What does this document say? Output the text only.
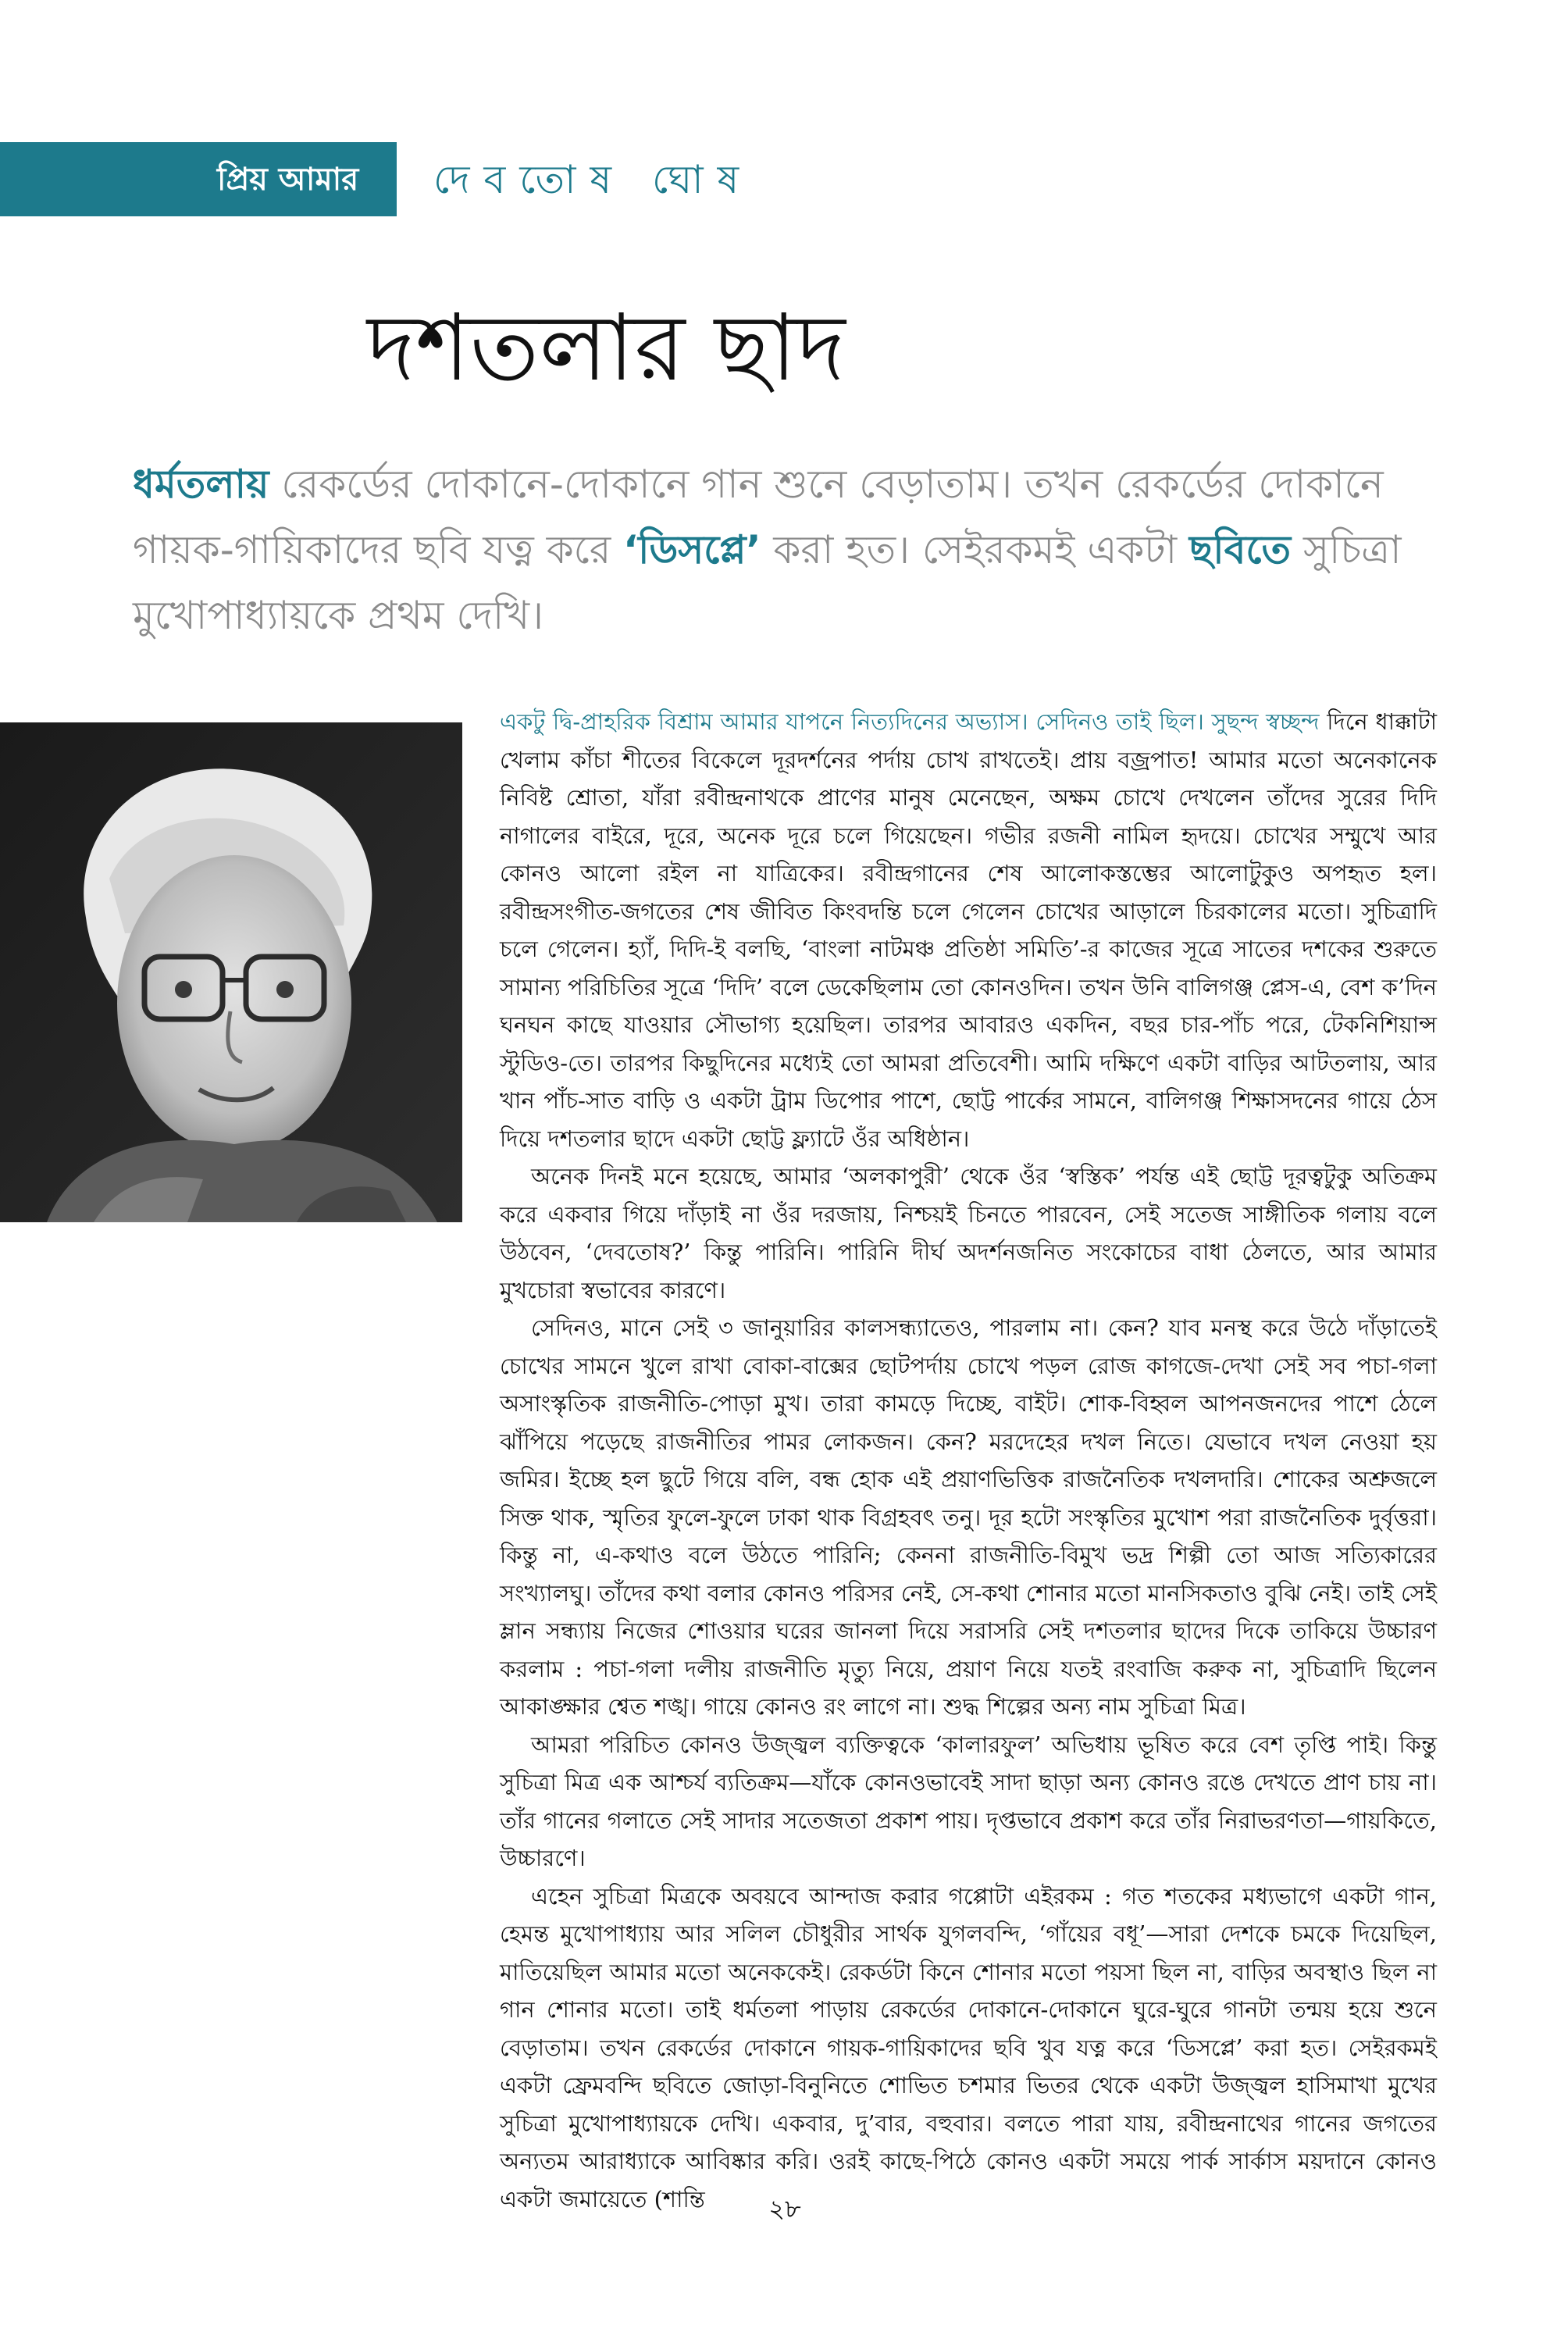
প্রিয় আমার	দেবতোষ ঘোষ
দশতলার ছাদ
ধর্মতলায় রেকর্ডের দোকানে-দোকানে গান শুনে বেড়াতাম। তখন রেকর্ডের দোকানে গায়ক-গায়িকাদের ছবি যত্ন করে ‘ডিসপ্লে’ করা হত। সেইরকমই একটা ছবিতে সুচিত্রা মুখোপাধ্যায়কে প্রথম দেখি।

একটু দ্বি-প্রাহরিক বিশ্রাম আমার যাপনে নিত্যদিনের অভ্যাস। সেদিনও তাই ছিল। সুছন্দ স্বচ্ছন্দ দিনে ধাক্কাটা খেলাম কাঁচা শীতের বিকেলে দূরদর্শনের পর্দায় চোখ রাখতেই। প্রায় বজ্রপাত! আমার মতো অনেকানেক নিবিষ্ট শ্রোতা, যাঁরা রবীন্দ্রনাথকে প্রাণের মানুষ মেনেছেন, অক্ষম চোখে দেখলেন তাঁদের সুরের দিদি নাগালের বাইরে, দূরে, অনেক দূরে চলে গিয়েছেন। গভীর রজনী নামিল হৃদয়ে। চোখের সম্মুখে আর কোনও আলো রইল না যাত্রিকের। রবীন্দ্রগানের শেষ আলোকস্তম্ভের আলোটুকুও অপহৃত হল। রবীন্দ্রসংগীত-জগতের শেষ জীবিত কিংবদন্তি চলে গেলেন চোখের আড়ালে চিরকালের মতো। সুচিত্রাদি চলে গেলেন। হ্যাঁ, দিদি-ই বলছি, ‘বাংলা নাটমঞ্চ প্রতিষ্ঠা সমিতি’-র কাজের সূত্রে সাতের দশকের শুরুতে সামান্য পরিচিতির সূত্রে ‘দিদি’ বলে ডেকেছিলাম তো কোনওদিন। তখন উনি বালিগঞ্জ প্লেস-এ, বেশ ক’দিন ঘনঘন কাছে যাওয়ার সৌভাগ্য হয়েছিল। তারপর আবারও একদিন, বছর চার-পাঁচ পরে, টেকনিশিয়ান্স স্টুডিও-তে। তারপর কিছুদিনের মধ্যেই তো আমরা প্রতিবেশী। আমি দক্ষিণে একটা বাড়ির আটতলায়, আর খান পাঁচ-সাত বাড়ি ও একটা ট্রাম ডিপোর পাশে, ছোট্ট পার্কের সামনে, বালিগঞ্জ শিক্ষাসদনের গায়ে ঠেস দিয়ে দশতলার ছাদে একটা ছোট্ট ফ্ল্যাটে ওঁর অধিষ্ঠান।

অনেক দিনই মনে হয়েছে, আমার ‘অলকাপুরী’ থেকে ওঁর ‘স্বস্তিক’ পর্যন্ত এই ছোট্ট দূরত্বটুকু অতিক্রম করে একবার গিয়ে দাঁড়াই না ওঁর দরজায়, নিশ্চয়ই চিনতে পারবেন, সেই সতেজ সাঙ্গীতিক গলায় বলে উঠবেন, ‘দেবতোষ?’ কিন্তু পারিনি। পারিনি দীর্ঘ অদর্শনজনিত সংকোচের বাধা ঠেলতে, আর আমার মুখচোরা স্বভাবের কারণে।

সেদিনও, মানে সেই ৩ জানুয়ারির কালসন্ধ্যাতেও, পারলাম না। কেন? যাব মনস্থ করে উঠে দাঁড়াতেই চোখের সামনে খুলে রাখা বোকা-বাক্সের ছোটপর্দায় চোখে পড়ল রোজ কাগজে-দেখা সেই সব পচা-গলা অসাংস্কৃতিক রাজনীতি-পোড়া মুখ। তারা কামড়ে দিচ্ছে, বাইট। শোক-বিহ্বল আপনজনদের পাশে ঠেলে ঝাঁপিয়ে পড়েছে রাজনীতির পামর লোকজন। কেন? মরদেহের দখল নিতে। যেভাবে দখল নেওয়া হয় জমির। ইচ্ছে হল ছুটে গিয়ে বলি, বন্ধ হোক এই প্রয়াণভিত্তিক রাজনৈতিক দখলদারি। শোকের অশ্রুজলে সিক্ত থাক, স্মৃতির ফুলে-ফুলে ঢাকা থাক বিগ্রহবৎ তনু। দূর হটো সংস্কৃতির মুখোশ পরা রাজনৈতিক দুর্বৃত্তরা। কিন্তু না, এ-কথাও বলে উঠতে পারিনি; কেননা রাজনীতি-বিমুখ ভদ্র শিল্পী তো আজ সত্যিকারের সংখ্যালঘু। তাঁদের কথা বলার কোনও পরিসর নেই, সে-কথা শোনার মতো মানসিকতাও বুঝি নেই। তাই সেই ম্লান সন্ধ্যায় নিজের শোওয়ার ঘরের জানলা দিয়ে সরাসরি সেই দশতলার ছাদের দিকে তাকিয়ে উচ্চারণ করলাম : পচা-গলা দলীয় রাজনীতি মৃত্যু নিয়ে, প্রয়াণ নিয়ে যতই রংবাজি করুক না, সুচিত্রাদি ছিলেন আকাঙ্ক্ষার শ্বেত শঙ্খ। গায়ে কোনও রং লাগে না। শুদ্ধ শিল্পের অন্য নাম সুচিত্রা মিত্র।

আমরা পরিচিত কোনও উজ্জ্বল ব্যক্তিত্বকে ‘কালারফুল’ অভিধায় ভূষিত করে বেশ তৃপ্তি পাই। কিন্তু সুচিত্রা মিত্র এক আশ্চর্য ব্যতিক্রম—যাঁকে কোনওভাবেই সাদা ছাড়া অন্য কোনও রঙে দেখতে প্রাণ চায় না। তাঁর গানের গলাতে সেই সাদার সতেজতা প্রকাশ পায়। দৃপ্তভাবে প্রকাশ করে তাঁর নিরাভরণতা—গায়কিতে, উচ্চারণে।

এহেন সুচিত্রা মিত্রকে অবয়বে আন্দাজ করার গপ্পোটা এইরকম : গত শতকের মধ্যভাগে একটা গান, হেমন্ত মুখোপাধ্যায় আর সলিল চৌধুরীর সার্থক যুগলবন্দি, ‘গাঁয়ের বধূ’—সারা দেশকে চমকে দিয়েছিল, মাতিয়েছিল আমার মতো অনেককেই। রেকর্ডটা কিনে শোনার মতো পয়সা ছিল না, বাড়ির অবস্থাও ছিল না গান শোনার মতো। তাই ধর্মতলা পাড়ায় রেকর্ডের দোকানে-দোকানে ঘুরে-ঘুরে গানটা তন্ময় হয়ে শুনে বেড়াতাম। তখন রেকর্ডের দোকানে গায়ক-গায়িকাদের ছবি খুব যত্ন করে ‘ডিসপ্লে’ করা হত। সেইরকমই একটা ফ্রেমবন্দি ছবিতে জোড়া-বিনুনিতে শোভিত চশমার ভিতর থেকে একটা উজ্জ্বল হাসিমাখা মুখের সুচিত্রা মুখোপাধ্যায়কে দেখি। একবার, দু’বার, বহুবার। বলতে পারা যায়, রবীন্দ্রনাথের গানের জগতের অন্যতম আরাধ্যাকে আবিষ্কার করি। ওরই কাছে-পিঠে কোনও একটা সময়ে পার্ক সার্কাস ময়দানে কোনও একটা জমায়েতে (শান্তি	২৮
